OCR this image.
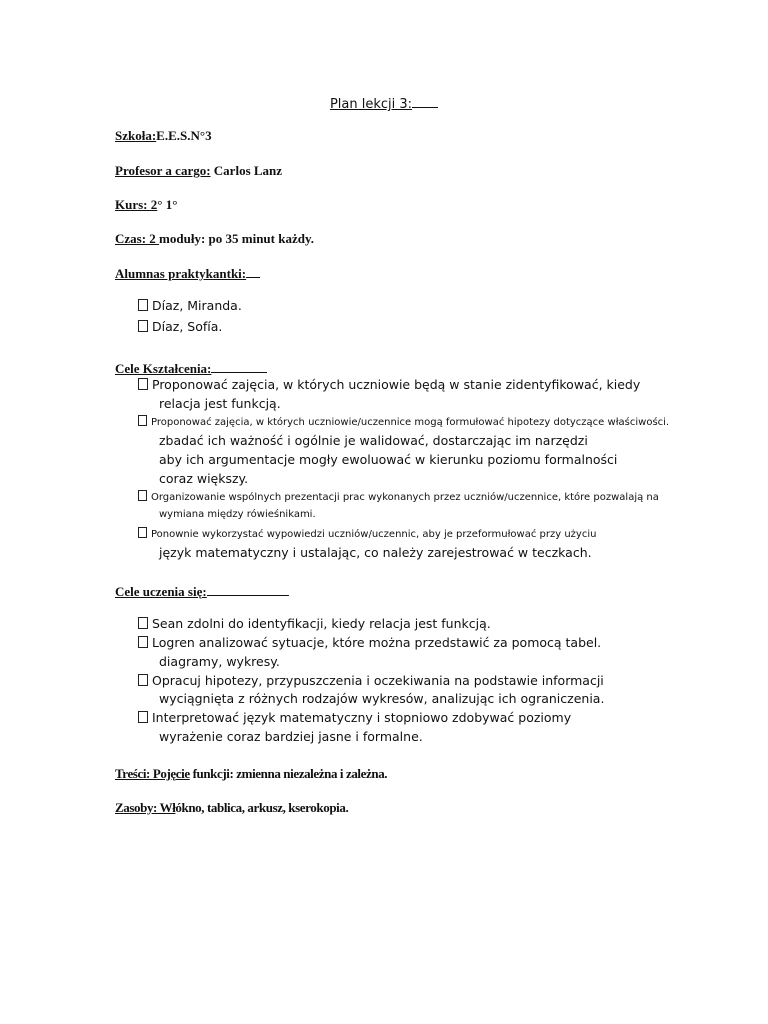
Plan lekcji 3:
Szkoła:E.E.S.N°3
Profesor a cargo: Carlos Lanz
Kurs: 2° 1°
Czas: 2 moduły: po 35 minut każdy.
Alumnas praktykantki:
Díaz, Miranda.
Díaz, Sofía.
Cele Kształcenia:
Proponować zajęcia, w których uczniowie będą w stanie zidentyfikować, kiedy
relacja jest funkcją.
Proponować zajęcia, w których uczniowie/uczennice mogą formułować hipotezy dotyczące właściwości.
zbadać ich ważność i ogólnie je walidować, dostarczając im narzędzi
aby ich argumentacje mogły ewoluować w kierunku poziomu formalności
coraz większy.
Organizowanie wspólnych prezentacji prac wykonanych przez uczniów/uczennice, które pozwalają na
wymiana między rówieśnikami.
Ponownie wykorzystać wypowiedzi uczniów/uczennic, aby je przeformułować przy użyciu
język matematyczny i ustalając, co należy zarejestrować w teczkach.
Cele uczenia się:
Sean zdolni do identyfikacji, kiedy relacja jest funkcją.
Logren analizować sytuacje, które można przedstawić za pomocą tabel.
diagramy, wykresy.
Opracuj hipotezy, przypuszczenia i oczekiwania na podstawie informacji
wyciągnięta z różnych rodzajów wykresów, analizując ich ograniczenia.
Interpretować język matematyczny i stopniowo zdobywać poziomy
wyrażenie coraz bardziej jasne i formalne.
Treści: Pojęcie funkcji: zmienna niezależna i zależna.
Zasoby: Włókno, tablica, arkusz, kserokopia.
